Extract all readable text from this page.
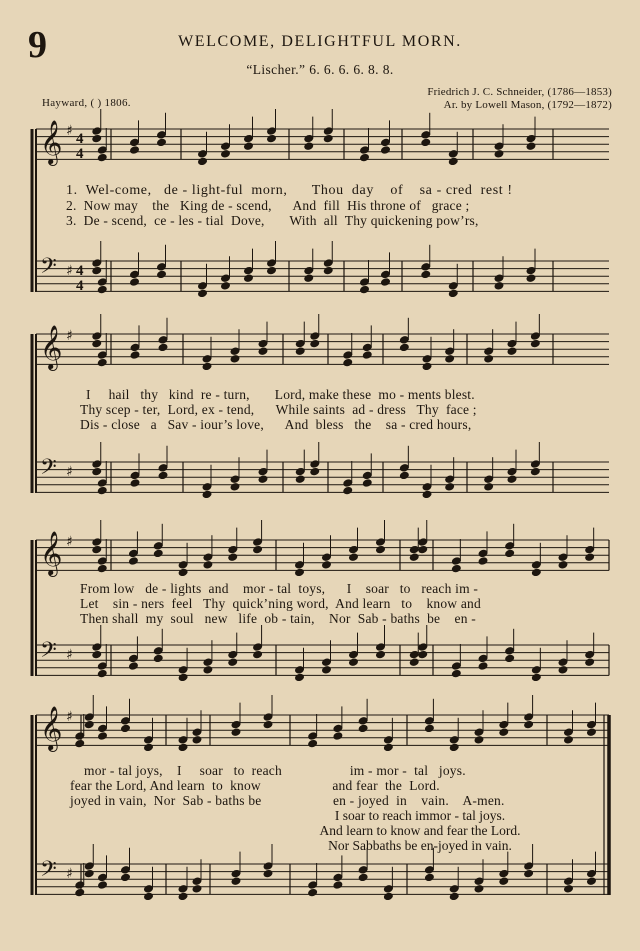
9	WELCOME, DELIGHTFUL MORN.
“Lischer.” 6. 6. 6. 6. 8. 8.
Hayward, ( ) 1806.
Friedrich J. C. Schneider, (1786—1853)
Ar. by Lowell Mason, (1792—1872)
𝄞 ♯ 4
4
𝄢 ♯ 4
4
𝄞 ♯
𝄢 ♯
𝄞 ♯
𝄢 ♯
𝄞 ♯
𝄢 ♯
1.  Wel-come,   de - light-ful  morn,      Thou  day    of    sa - cred  rest !
2.  Now may    the   King de - scend,      And  fill  His throne of   grace ;
3.  De - scend,  ce - les - tial  Dove,       With  all  Thy quickening pow’rs,
I     hail   thy   kind  re - turn,       Lord, make these  mo - ments blest.
Thy scep - ter,  Lord, ex - tend,      While saints  ad - dress   Thy  face ;
Dis - close   a   Sav - iour’s love,      And  bless   the    sa - cred hours,
From low   de - lights  and    mor - tal  toys,      I    soar   to   reach im -
Let    sin - ners  feel   Thy  quick’ning word,  And learn   to    know and
Then shall  my  soul   new   life  ob - tain,    Nor  Sab - baths  be    en -
mor - tal joys,    I     soar   to  reach                   im - mor -  tal   joys.
fear the Lord, And learn  to  know                    and fear  the  Lord.
joyed in vain,  Nor  Sab - baths be                    en - joyed  in    vain.    A-men.
I soar to reach immor - tal joys.
And learn to know and fear the Lord.
Nor Sabbaths be en-joyed in vain.
